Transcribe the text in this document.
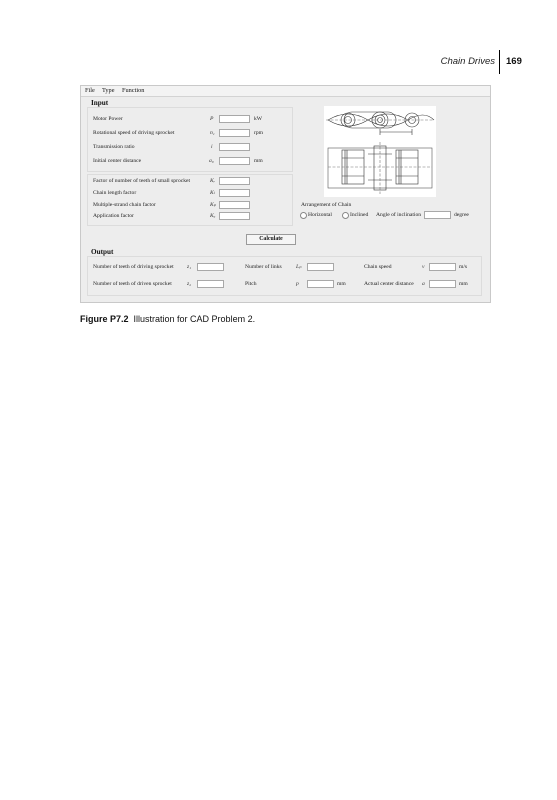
Chain Drives 169
File Type Function
Input
Motor Power	P	kW
Rotational speed of driving sprocket	n₁	rpm
Transmission ratio	i
Initial center distance	a₀	mm
Factor of number of teeth of small sprocket	Kᵣ
Chain length factor	Kₗ
Multiple-strand chain factor	Kₚ
Application factor	Kₐ
Arrangement of Chain
Horizontal	Inclined Angle of inclination	degree
Calculate
Output
Number of teeth of driving sprocket z₁	Number of links	Lₚ	Chain speed	v	m/s
Number of teeth of driven sprocket	z₂	Pitch	p	mm	Actual center distance a	mm
Figure P7.2 Illustration for CAD Problem 2.
